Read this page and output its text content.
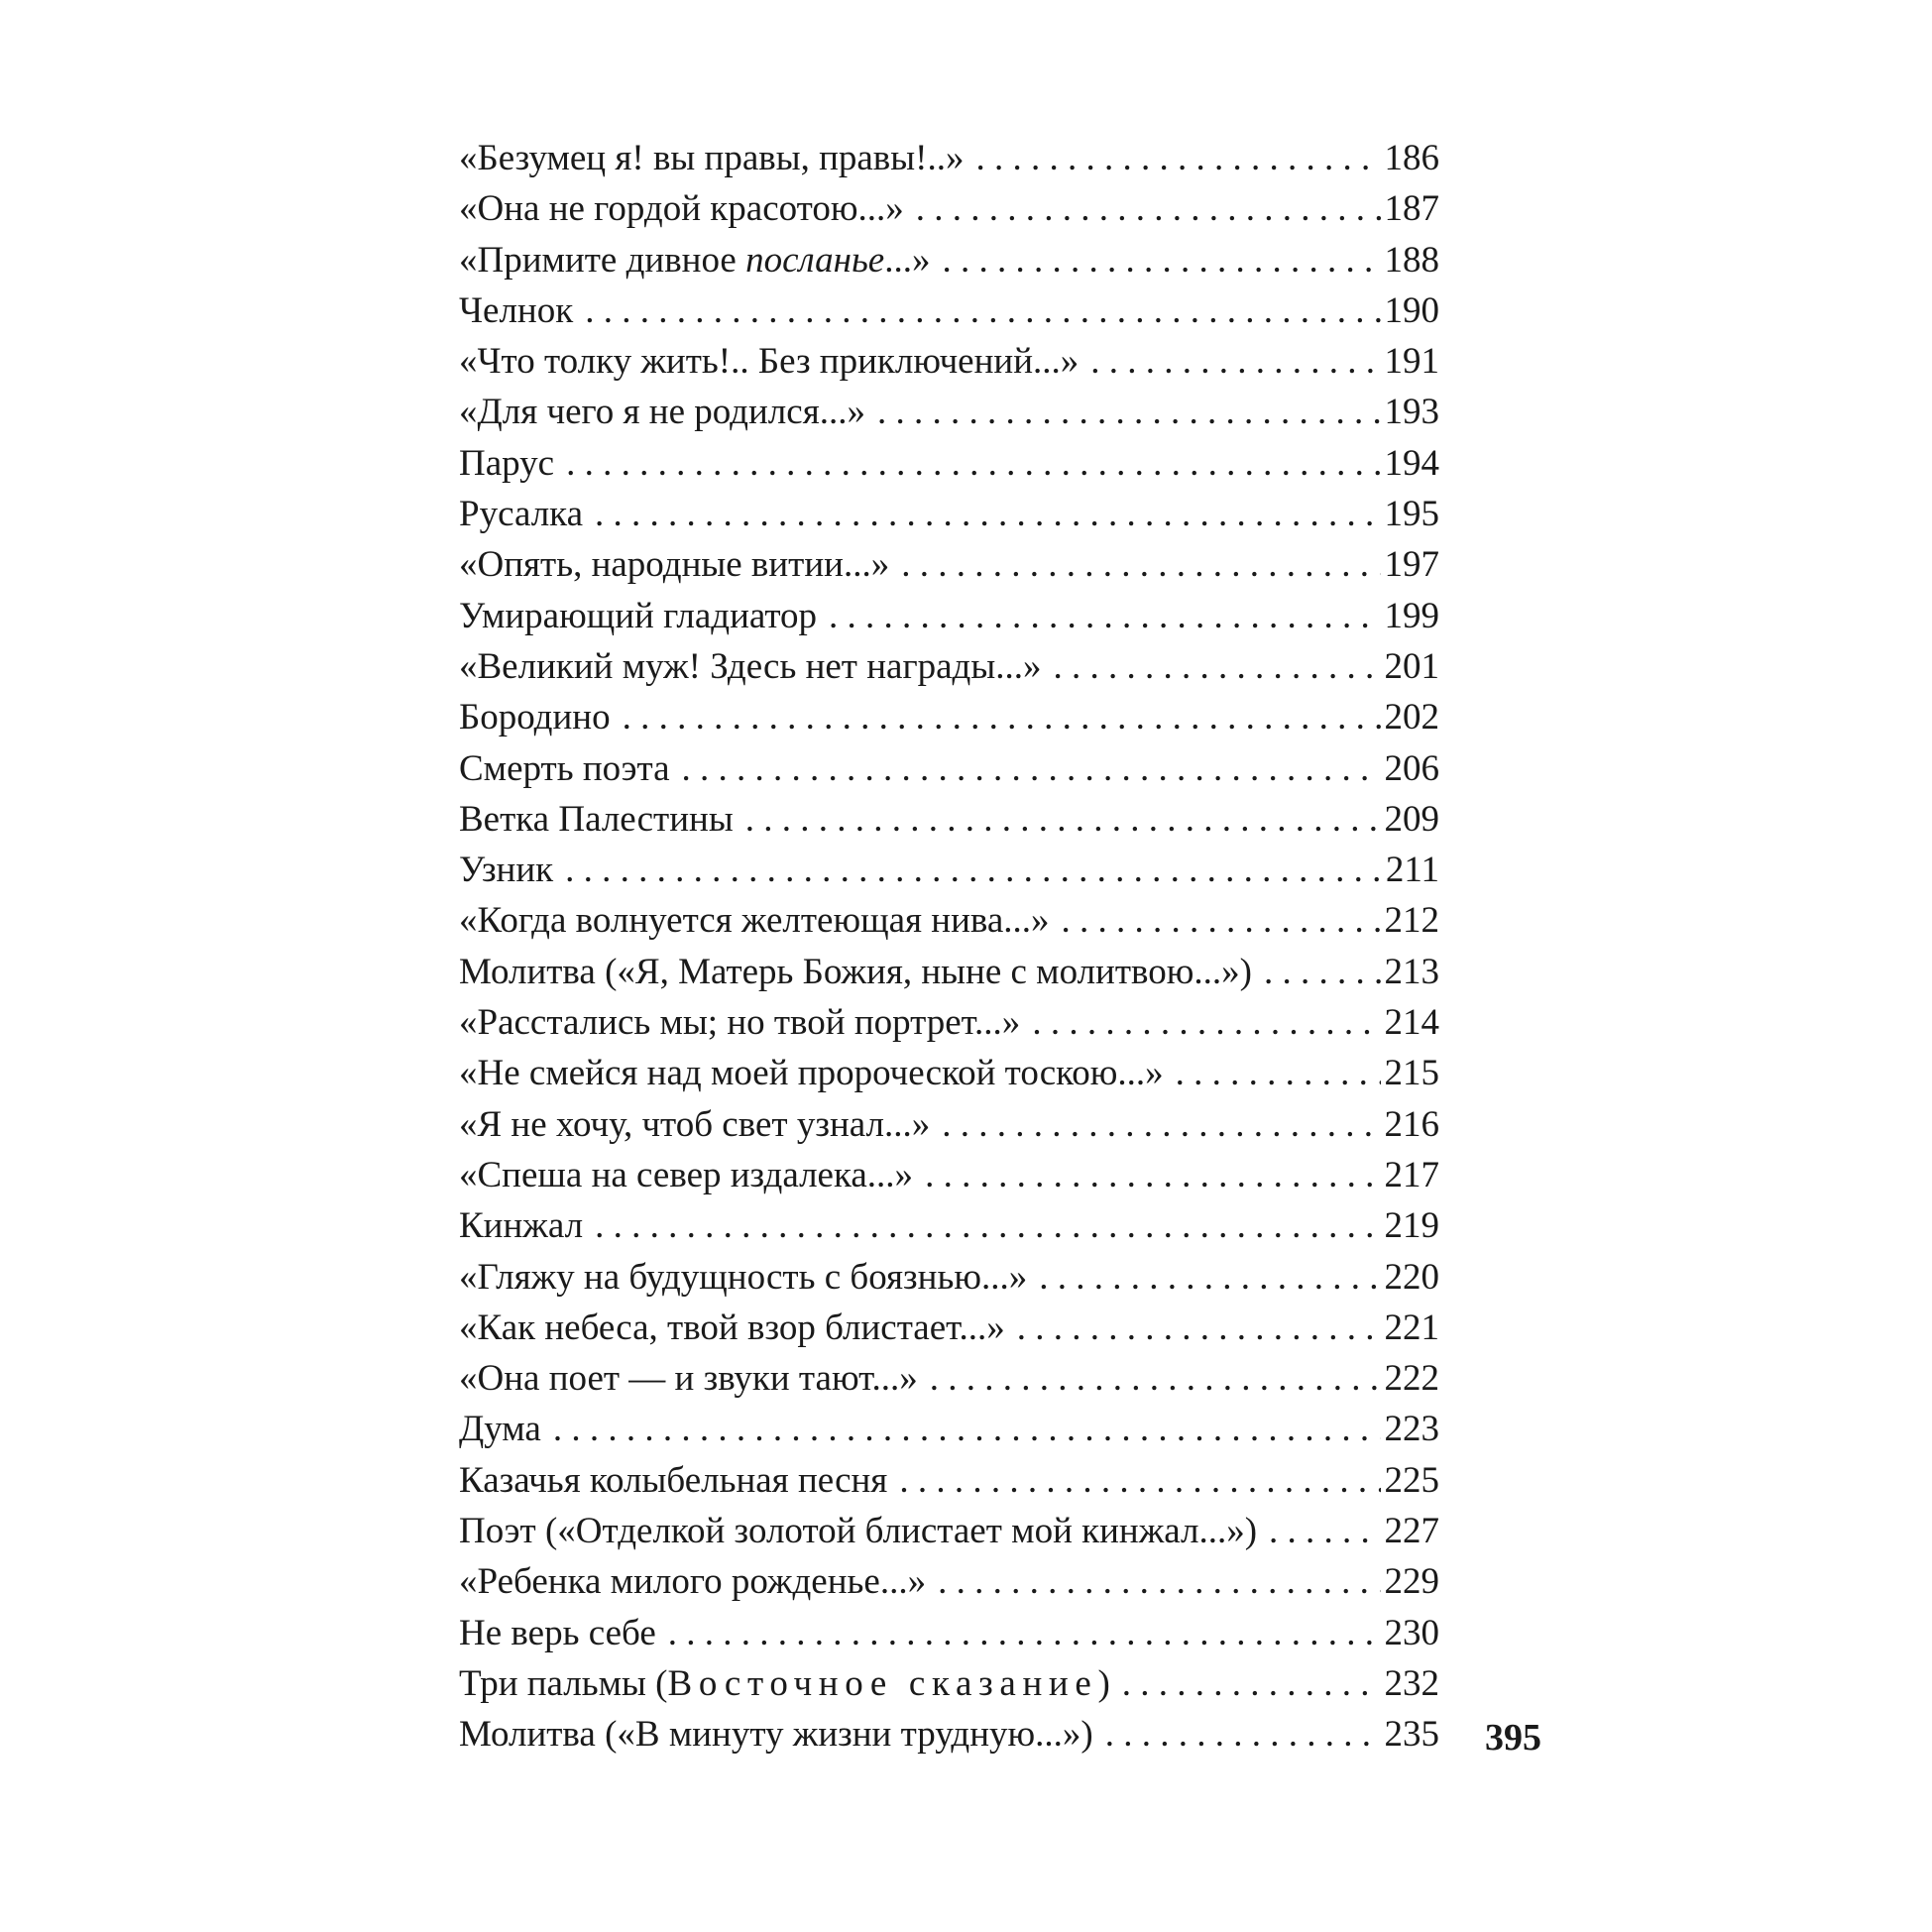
«Безумец я! вы правы, правы!..» . . .	186
«Она не гордой красотою...» . . .	187
«Примите дивное посланье...» . . .	188
Челнок . . .	190
«Что толку жить!.. Без приключений...» . . .	191
«Для чего я не родился...» . . .	193
Парус . . .	194
Русалка . . .	195
«Опять, народные витии...» . . .	197
Умирающий гладиатор . . .	199
«Великий муж! Здесь нет награды...» . . .	201
Бородино . . .	202
Смерть поэта . . .	206
Ветка Палестины . . .	209
Узник . . .	211
«Когда волнуется желтеющая нива...» . . .	212
Молитва («Я, Матерь Божия, ныне с молитвою...») . . .	213
«Расстались мы; но твой портрет...» . . .	214
«Не смейся над моей пророческой тоскою...» . . .	215
«Я не хочу, чтоб свет узнал...» . . .	216
«Спеша на север издалека...» . . .	217
Кинжал . . .	219
«Гляжу на будущность с боязнью...» . . .	220
«Как небеса, твой взор блистает...» . . .	221
«Она поет — и звуки тают...» . . .	222
Дума . . .	223
Казачья колыбельная песня . . .	225
Поэт («Отделкой золотой блистает мой кинжал...») . . .	227
«Ребенка милого рожденье...» . . .	229
Не верь себе . . .	230
Три пальмы (Восточное сказание) . . .	232
Молитва («В минуту жизни трудную...») . . .	235 395
